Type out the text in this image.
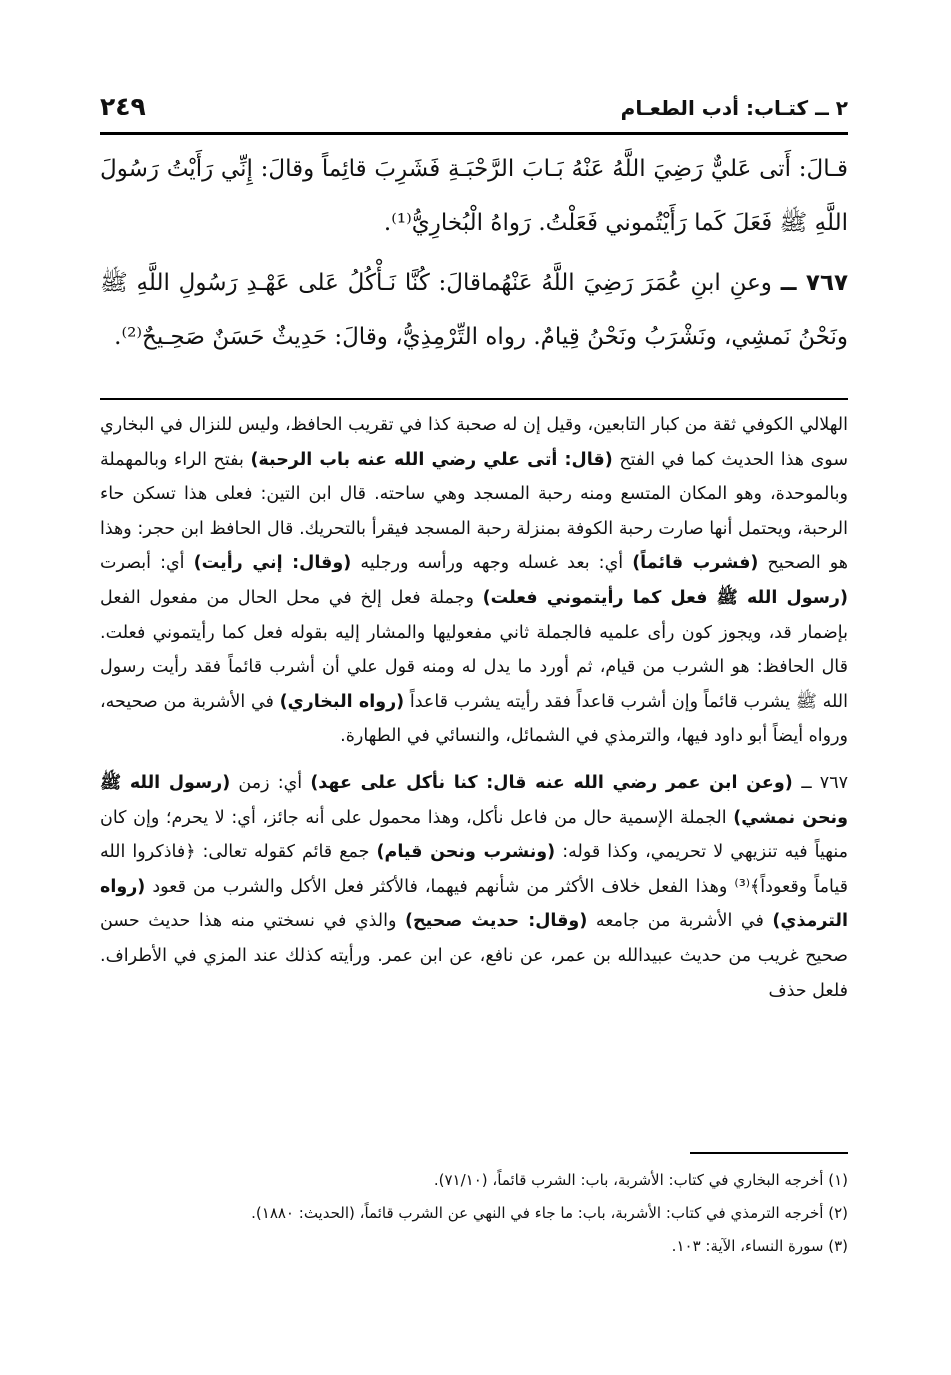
٢ ــ كتـاب: أدب الطعـام
٢٤٩

قـالَ: أَتى عَليٌّ رَضِيَ اللَّهُ عَنْهُ بَـابَ الرَّحْبَـةِ فَشَرِبَ قائِماً وقالَ: إِنِّي رَأَيْتُ رَسُولَ اللَّهِ ﷺ فَعَلَ كَما رَأَيْتُموني فَعَلْتُ. رَواهُ الْبُخارِيُّ⁽¹⁾.

٧٦٧ ــ وعنِ ابنِ عُمَرَ رَضِيَ اللَّهُ عَنْهُماقالَ: كُنَّا نَـأْكُلُ عَلى عَهْـدِ رَسُولِ اللَّهِ ﷺ ونَحْنُ نَمشِي، ونَشْرَبُ ونَحْنُ قِيامٌ. رواه التِّرْمِذِيُّ، وقالَ: حَدِيثٌ حَسَنٌ صَحِـيحٌ⁽²⁾.

الهلالي الكوفي ثقة من كبار التابعين، وقيل إن له صحبة كذا في تقريب الحافظ، وليس للنزال في البخاري سوى هذا الحديث كما في الفتح (قال: أتى علي رضي الله عنه باب الرحبة) بفتح الراء وبالمهملة وبالموحدة، وهو المكان المتسع ومنه رحبة المسجد وهي ساحته. قال ابن التين: فعلى هذا تسكن حاء الرحبة، ويحتمل أنها صارت رحبة الكوفة بمنزلة رحبة المسجد فيقرأ بالتحريك. قال الحافظ ابن حجر: وهذا هو الصحيح (فشرب قائماً) أي: بعد غسله وجهه ورأسه ورجليه (وقال: إني رأيت) أي: أبصرت (رسول الله ﷺ فعل كما رأيتموني فعلت) وجملة فعل إلخ في محل الحال من مفعول الفعل بإضمار قد، ويجوز كون رأى علميه فالجملة ثاني مفعوليها والمشار إليه بقوله فعل كما رأيتموني فعلت. قال الحافظ: هو الشرب من قيام، ثم أورد ما يدل له ومنه قول علي أن أشرب قائماً فقد رأيت رسول الله ﷺ يشرب قائماً وإن أشرب قاعداً فقد رأيته يشرب قاعداً (رواه البخاري) في الأشربة من صحيحه، ورواه أيضاً أبو داود فيها، والترمذي في الشمائل، والنسائي في الطهارة.

٧٦٧ ــ (وعن ابن عمر رضي الله عنه قال: كنا نأكل على عهد) أي: زمن (رسول الله ﷺ ونحن نمشي) الجملة الإسمية حال من فاعل نأكل، وهذا محمول على أنه جائز، أي: لا يحرم؛ وإن كان منهياً فيه تنزيهي لا تحريمي، وكذا قوله: (ونشرب ونحن قيام) جمع قائم كقوله تعالى: ﴿فاذكروا الله قياماً وقعوداً﴾⁽³⁾ وهذا الفعل خلاف الأكثر من شأنهم فيهما، فالأكثر فعل الأكل والشرب من قعود (رواه الترمذي) في الأشربة من جامعه (وقال: حديث صحيح) والذي في نسختي منه هذا حديث حسن صحيح غريب من حديث عبيدالله بن عمر، عن نافع، عن ابن عمر. ورأيته كذلك عند المزي في الأطراف. فلعل حذف

(١) أخرجه البخاري في كتاب: الأشربة، باب: الشرب قائماً، (٧١/١٠).
(٢) أخرجه الترمذي في كتاب: الأشربة، باب: ما جاء في النهي عن الشرب قائماً، (الحديث: ١٨٨٠).
(٣) سورة النساء، الآية: ١٠٣.
